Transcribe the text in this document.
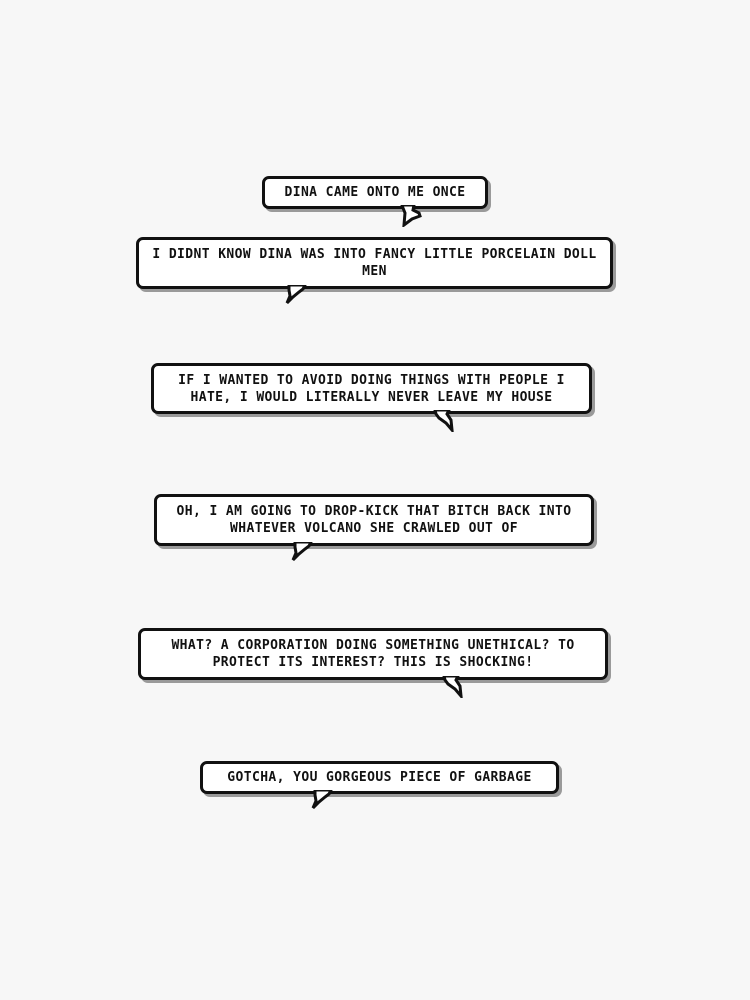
DINA CAME ONTO ME ONCE
I DIDNT KNOW DINA WAS INTO FANCY LITTLE PORCELAIN DOLL MEN
IF I WANTED TO AVOID DOING THINGS WITH PEOPLE I HATE, I WOULD LITERALLY NEVER LEAVE MY HOUSE
OH, I AM GOING TO DROP-KICK THAT BITCH BACK INTO WHATEVER VOLCANO SHE CRAWLED OUT OF
WHAT? A CORPORATION DOING SOMETHING UNETHICAL? TO PROTECT ITS INTEREST? THIS IS SHOCKING!
GOTCHA, YOU GORGEOUS PIECE OF GARBAGE
